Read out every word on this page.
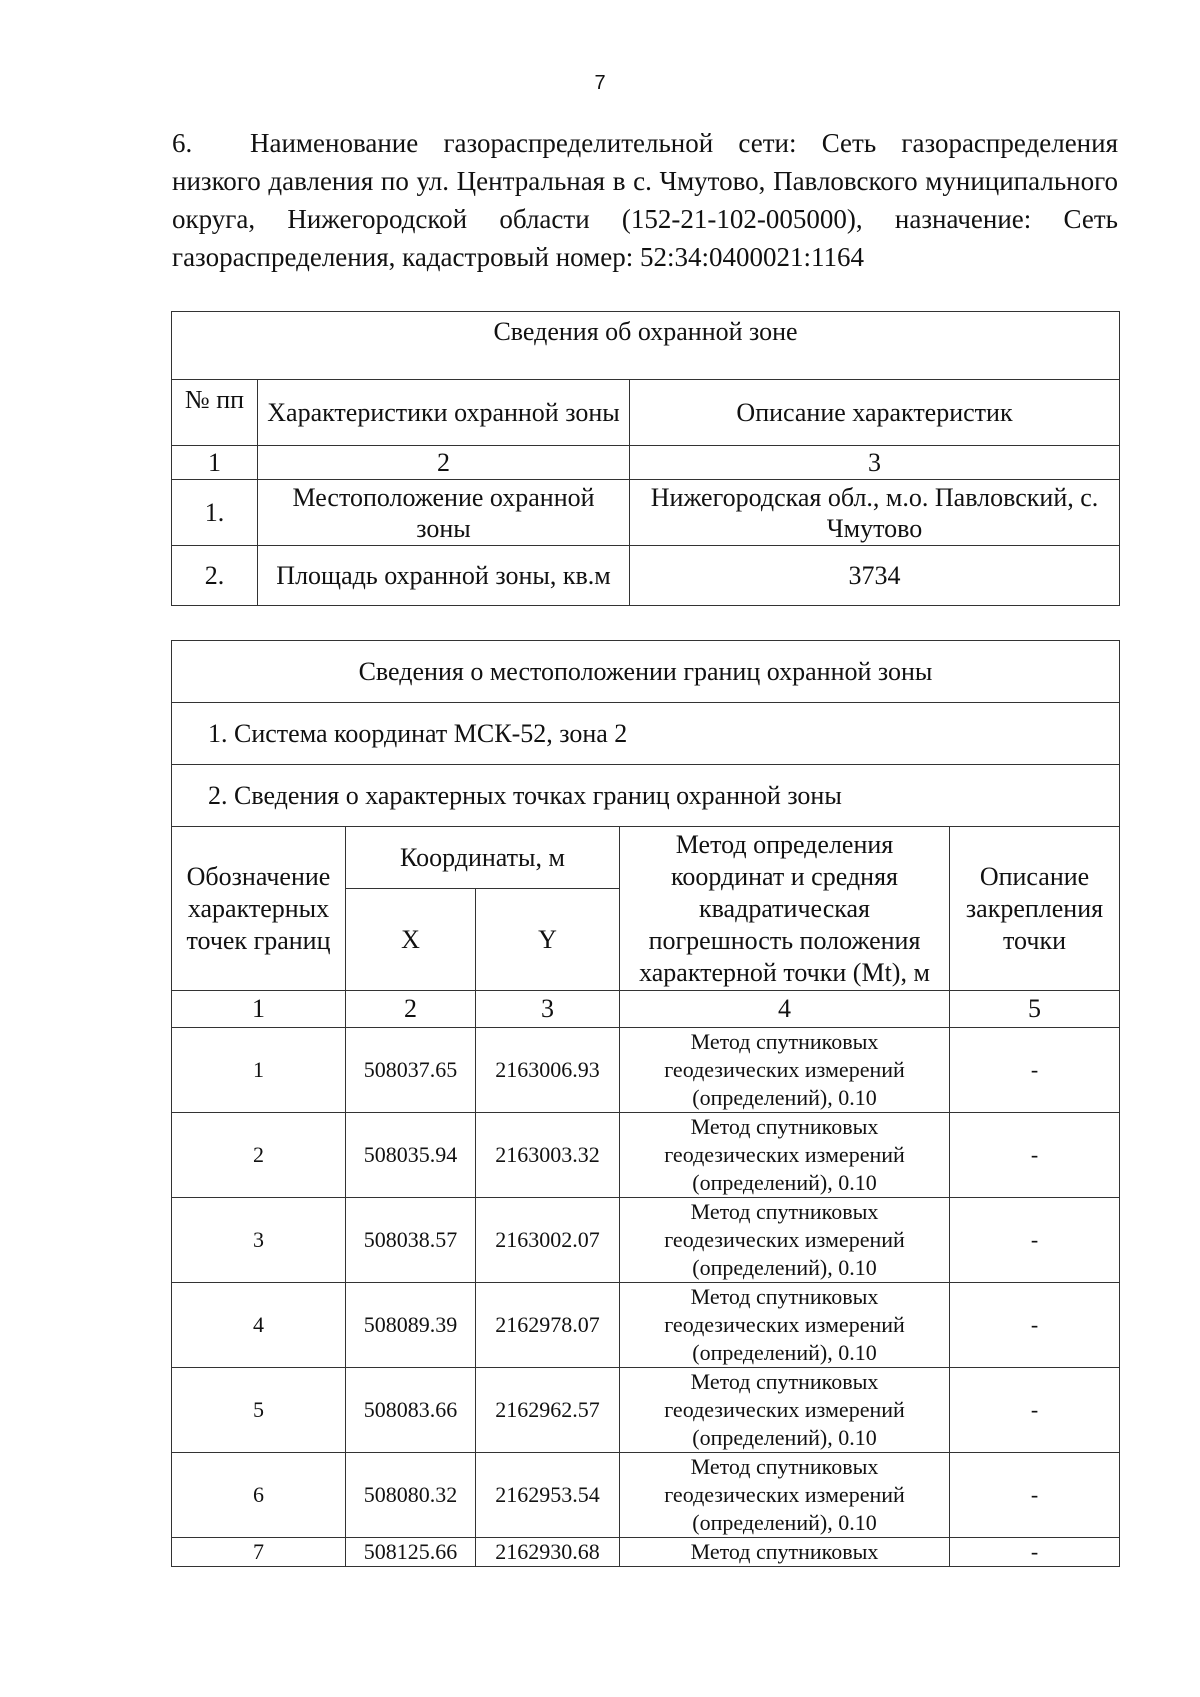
7

6. Наименование газораспределительной сети: Сеть газораспределения низкого давления по ул. Центральная в с. Чмутово, Павловского муниципального округа, Нижегородской области (152-21-102-005000), назначение: Сеть газораспределения, кадастровый номер: 52:34:0400021:1164

Сведения об охранной зоне		
№ пп	Характеристики охранной зоны	Описание характеристик
1	2	3
1.	Местоположение охранной зоны	Нижегородская обл., м.о. Павловский, с. Чмутово
2.	Площадь охранной зоны, кв.м	3734
Сведения о местоположении границ охранной зоны				
1. Система координат МСК-52, зона 2				
2. Сведения о характерных точках границ охранной зоны				
Обозначение характерных точек границ	Координаты, м		Метод определения координат и средняя квадратическая погрешность положения характерной точки (Mt), м	Описание закрепления точки
	X	Y		
1	2	3	4	5
1	508037.65	2163006.93	Метод спутниковых геодезических измерений (определений), 0.10	-
2	508035.94	2163003.32	Метод спутниковых геодезических измерений (определений), 0.10	-
3	508038.57	2163002.07	Метод спутниковых геодезических измерений (определений), 0.10	-
4	508089.39	2162978.07	Метод спутниковых геодезических измерений (определений), 0.10	-
5	508083.66	2162962.57	Метод спутниковых геодезических измерений (определений), 0.10	-
6	508080.32	2162953.54	Метод спутниковых геодезических измерений (определений), 0.10	-
7	508125.66	2162930.68	Метод спутниковых	-
